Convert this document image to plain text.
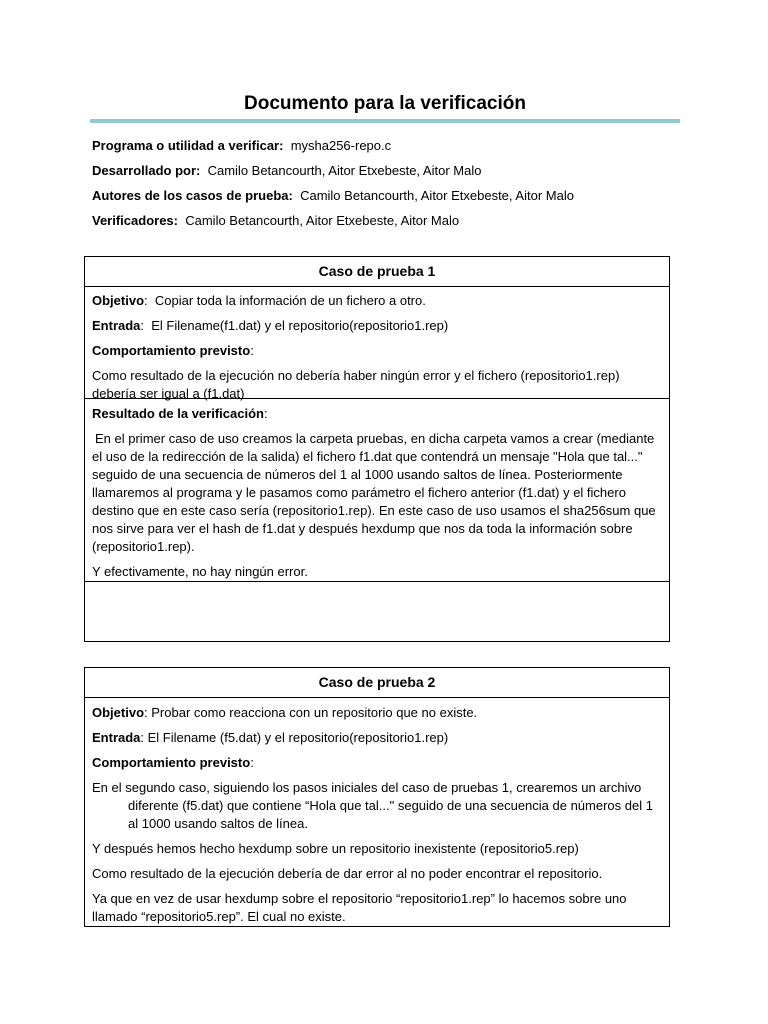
Documento para la verificación
Programa o utilidad a verificar: mysha256-repo.c
Desarrollado por: Camilo Betancourth, Aitor Etxebeste, Aitor Malo
Autores de los casos de prueba: Camilo Betancourth, Aitor Etxebeste, Aitor Malo
Verificadores: Camilo Betancourth, Aitor Etxebeste, Aitor Malo
Caso de prueba 1

Objetivo:  Copiar toda la información de un fichero a otro.

Entrada:  El Filename(f1.dat) y el repositorio(repositorio1.rep)

Comportamiento previsto:

Como resultado de la ejecución no debería haber ningún error y el fichero (repositorio1.rep) debería ser igual a (f1.dat)

Resultado de la verificación:

En el primer caso de uso creamos la carpeta pruebas, en dicha carpeta vamos a crear (mediante el uso de la redirección de la salida) el fichero f1.dat que contendrá un mensaje "Hola que tal..." seguido de una secuencia de números del 1 al 1000 usando saltos de línea. Posteriormente llamaremos al programa y le pasamos como parámetro el fichero anterior (f1.dat) y el fichero destino que en este caso sería (repositorio1.rep). En este caso de uso usamos el sha256sum que nos sirve para ver el hash de f1.dat y después hexdump que nos da toda la información sobre (repositorio1.rep).

Y efectivamente, no hay ningún error.

Caso de prueba 2

Objetivo: Probar como reacciona con un repositorio que no existe.

Entrada: El Filename (f5.dat) y el repositorio(repositorio1.rep)

Comportamiento previsto:

En el segundo caso, siguiendo los pasos iniciales del caso de pruebas 1, crearemos un archivo diferente (f5.dat) que contiene “Hola que tal..." seguido de una secuencia de números del 1 al 1000 usando saltos de línea.

Y después hemos hecho hexdump sobre un repositorio inexistente (repositorio5.rep)

Como resultado de la ejecución debería de dar error al no poder encontrar el repositorio.

Ya que en vez de usar hexdump sobre el repositorio “repositorio1.rep” lo hacemos sobre uno llamado “repositorio5.rep”. El cual no existe.
